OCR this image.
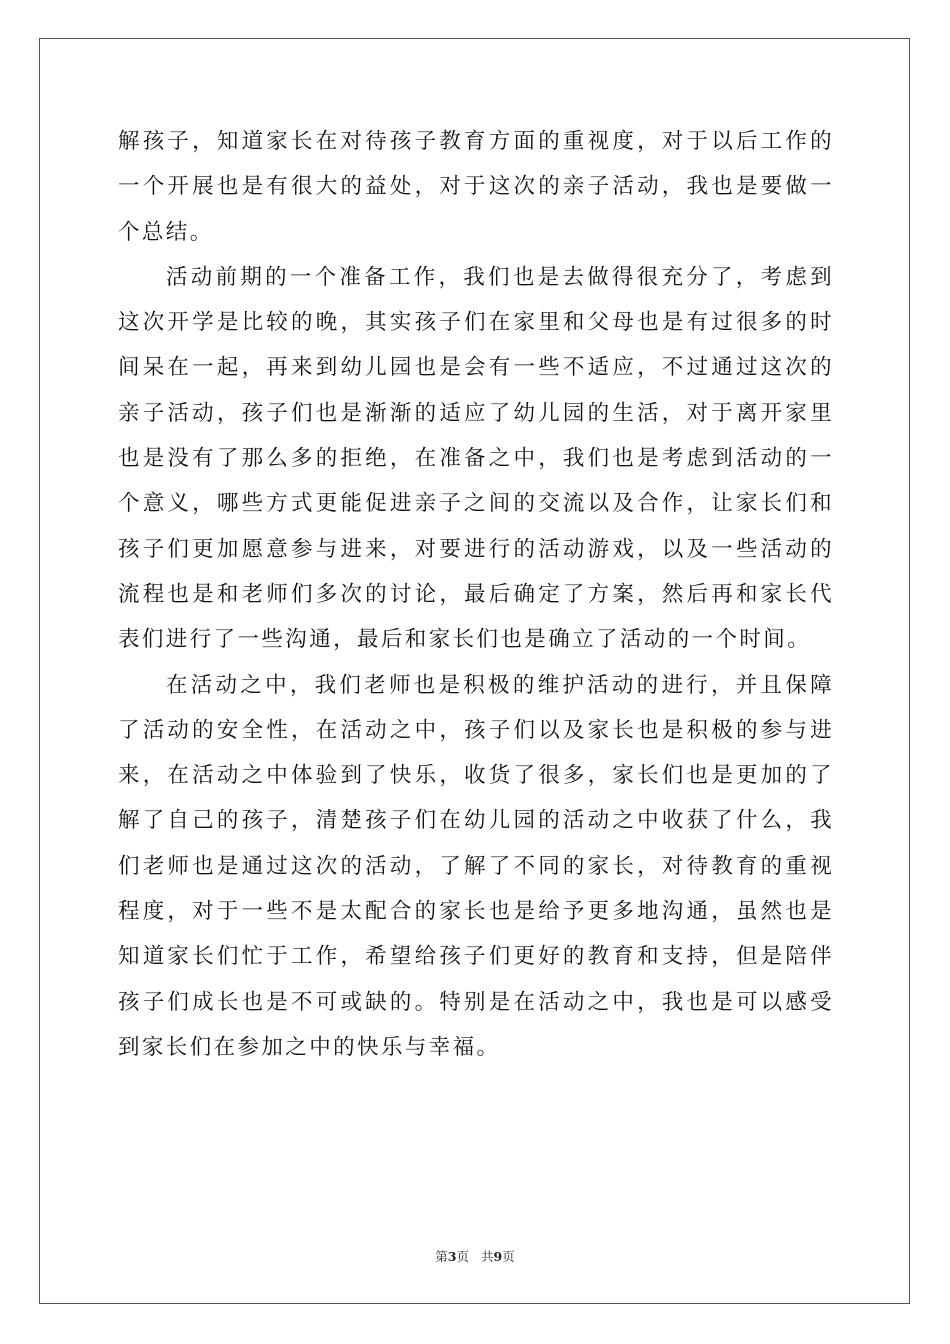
解孩子，知道家长在对待孩子教育方面的重视度，对于以后工作的一个开展也是有很大的益处，对于这次的亲子活动，我也是要做一个总结。

活动前期的一个准备工作，我们也是去做得很充分了，考虑到这次开学是比较的晚，其实孩子们在家里和父母也是有过很多的时间呆在一起，再来到幼儿园也是会有一些不适应，不过通过这次的亲子活动，孩子们也是渐渐的适应了幼儿园的生活，对于离开家里也是没有了那么多的拒绝，在准备之中，我们也是考虑到活动的一个意义，哪些方式更能促进亲子之间的交流以及合作，让家长们和孩子们更加愿意参与进来，对要进行的活动游戏，以及一些活动的流程也是和老师们多次的讨论，最后确定了方案，然后再和家长代表们进行了一些沟通，最后和家长们也是确立了活动的一个时间。

在活动之中，我们老师也是积极的维护活动的进行，并且保障了活动的安全性，在活动之中，孩子们以及家长也是积极的参与进来，在活动之中体验到了快乐，收货了很多，家长们也是更加的了解了自己的孩子，清楚孩子们在幼儿园的活动之中收获了什么，我们老师也是通过这次的活动，了解了不同的家长，对待教育的重视程度，对于一些不是太配合的家长也是给予更多地沟通，虽然也是知道家长们忙于工作，希望给孩子们更好的教育和支持，但是陪伴孩子们成长也是不可或缺的。特别是在活动之中，我也是可以感受到家长们在参加之中的快乐与幸福。

第3页 共9页
